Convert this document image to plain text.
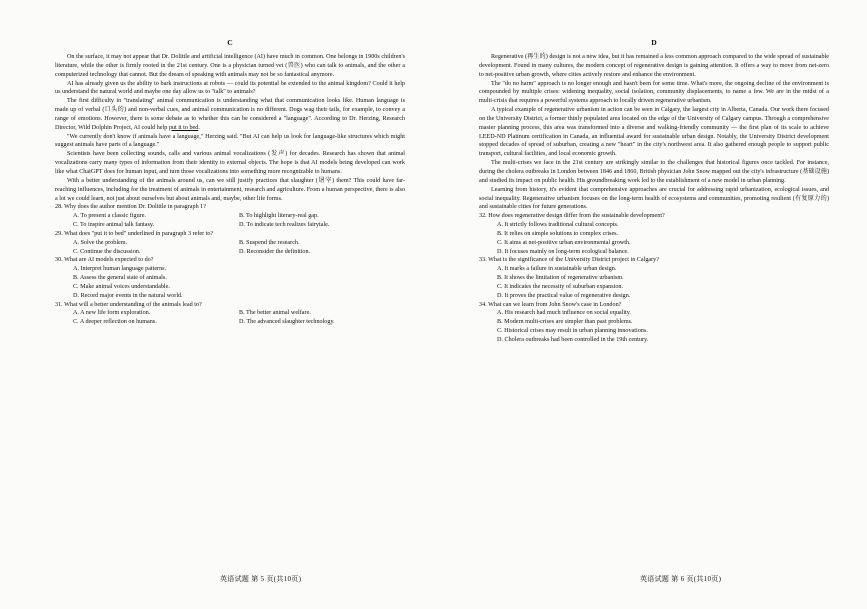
C

On the surface, it may not appear that Dr. Dolittle and artificial intelligence (AI) have much in common. One belongs in 1900s children's literature, while the other is firmly rooted in the 21st century. One is a physician turned vet (兽医) who can talk to animals, and the other a computerized technology that cannot. But the dream of speaking with animals may not be so fantastical anymore.

AI has already given us the ability to bark instructions at robots — could its potential be extended to the animal kingdom? Could it help us understand the natural world and maybe one day allow us to "talk" to animals?

The first difficulty in "translating" animal communication is understanding what that communication looks like. Human language is made up of verbal (口头的) and non-verbal cues, and animal communication is no different. Dogs wag their tails, for example, to convey a range of emotions. However, there is some debate as to whether this can be considered a "language". According to Dr. Herzing, Research Director, Wild Dolphin Project, AI could help put it to bed.

"We currently don't know if animals have a language," Herzing said. "But AI can help us look for language-like structures which might suggest animals have parts of a language."

Scientists have been collecting sounds, calls and various animal vocalizations (发声) for decades. Research has shown that animal vocalizations carry many types of information from their identity to external objects. The hope is that AI models being developed can work like what ChatGPT does for human input, and turn those vocalizations into something more recognizable to humans.

With a better understanding of the animals around us, can we still justify practices that slaughter (屠宰) them? This could have far-reaching influences, including for the treatment of animals in entertainment, research and agriculture. From a human perspective, there is also a lot we could learn, not just about ourselves but about animals and, maybe, other life forms.

28. Why does the author mention Dr. Dolittle in paragraph 1?
A. To present a classic figure.	B. To highlight literary-real gap.
C. To inspire animal talk fantasy.	D. To indicate tech realizes fairytale.
29. What does "put it to bed" underlined in paragraph 3 refer to?
A. Solve the problem.	B. Suspend the research.
C. Continue the discussion.	D. Reconsider the definition.
30. What are AI models expected to do?
A. Interpret human language patterns.
B. Assess the general state of animals.
C. Make animal voices understandable.
D. Record major events in the natural world.
31. What will a better understanding of the animals lead to?
A. A new life form exploration.	B. The better animal welfare.
C. A deeper reflection on humans.	D. The advanced slaughter technology.
英语试题 第 5 页(共10页)
D

Regenerative (再生的) design is not a new idea, but it has remained a less common approach compared to the wide spread of sustainable development. Found in many cultures, the modern concept of regenerative design is gaining attention. It offers a way to move from net-zero to net-positive urban growth, where cities actively restore and enhance the environment.

The "do no harm" approach is no longer enough and hasn't been for some time. What's more, the ongoing decline of the environment is compounded by multiple crises: widening inequality, social isolation, community displacements, to name a few. We are in the midst of a multi-crisis that requires a powerful systems approach to locally driven regenerative urbanism.

A typical example of regenerative urbanism in action can be seen in Calgary, the largest city in Alberta, Canada. Our work there focused on the University District, a former thinly populated area located on the edge of the University of Calgary campus. Through a comprehensive master planning process, this area was transformed into a diverse and walking-friendly community — the first plan of its scale to achieve LEED-ND Platinum certification in Canada, an influential award for sustainable urban design. Notably, the University District development stopped decades of spread of suburban, creating a new "heart" in the city's northwest area. It also gathered enough people to support public transport, cultural facilities, and local economic growth.

The multi-crises we face in the 21st century are strikingly similar to the challenges that historical figures once tackled. For instance, during the cholera outbreaks in London between 1846 and 1860, British physician John Snow mapped out the city's infrastructure (基础设施) and studied its impact on public health. His groundbreaking work led to the establishment of a new model in urban planning.

Learning from history, it's evident that comprehensive approaches are crucial for addressing rapid urbanization, ecological issues, and social inequality. Regenerative urbanism focuses on the long-term health of ecosystems and communities, promoting resilient (有复原力的) and sustainable cities for future generations.

32. How does regenerative design differ from the sustainable development?
A. It strictly follows traditional cultural concepts.
B. It relies on simple solutions to complex crises.
C. It aims at net-positive urban environmental growth.
D. It focuses mainly on long-term ecological balance.
33. What is the significance of the University District project in Calgary?
A. It marks a failure in sustainable urban design.
B. It shows the limitation of regenerative urbanism.
C. It indicates the necessity of suburban expansion.
D. It proves the practical value of regenerative design.
34. What can we learn from John Snow's case in London?
A. His research had much influence on social equality.
B. Modern multi-crises are simpler than past problems.
C. Historical crises may result in urban planning innovations.
D. Cholera outbreaks had been controlled in the 19th century.
英语试题 第 6 页(共10页)
